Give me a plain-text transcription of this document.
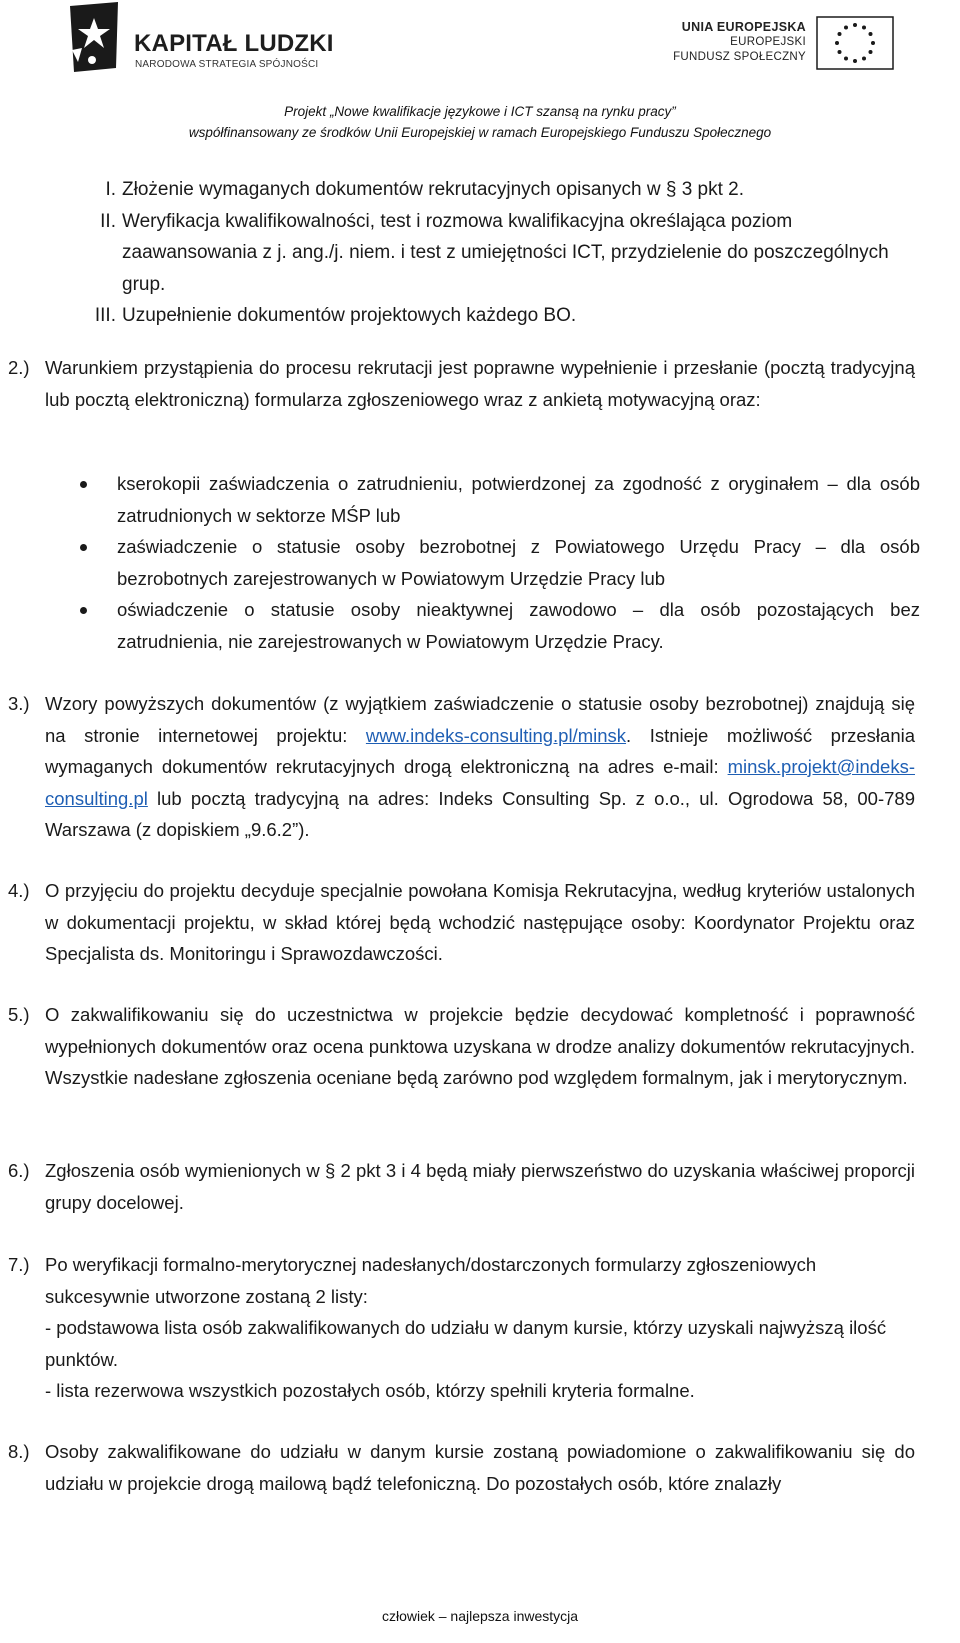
KAPITAŁ LUDZKI
NARODOWA STRATEGIA SPÓJNOŚCI
UNIA EUROPEJSKA
EUROPEJSKI
FUNDUSZ SPOŁECZNY
Projekt „Nowe kwalifikacje językowe i ICT szansą na rynku pracy”
współfinansowany ze środków Unii Europejskiej w ramach Europejskiego Funduszu Społecznego
I. Złożenie wymaganych dokumentów rekrutacyjnych opisanych w § 3 pkt 2.
II. Weryfikacja kwalifikowalności, test i rozmowa kwalifikacyjna określająca poziom zaawansowania z j. ang./j. niem. i test z umiejętności ICT, przydzielenie do poszczególnych grup.
III. Uzupełnienie dokumentów projektowych każdego BO.
2.) Warunkiem przystąpienia do procesu rekrutacji jest poprawne wypełnienie i przesłanie (pocztą tradycyjną lub pocztą elektroniczną) formularza zgłoszeniowego wraz z ankietą motywacyjną oraz:
kserokopii zaświadczenia o zatrudnieniu, potwierdzonej za zgodność z oryginałem – dla osób zatrudnionych w sektorze MŚP lub
zaświadczenie o statusie osoby bezrobotnej z Powiatowego Urzędu Pracy – dla osób bezrobotnych zarejestrowanych w Powiatowym Urzędzie Pracy lub
oświadczenie o statusie osoby nieaktywnej zawodowo – dla osób pozostających bez zatrudnienia, nie zarejestrowanych w Powiatowym Urzędzie Pracy.
3.) Wzory powyższych dokumentów (z wyjątkiem zaświadczenie o statusie osoby bezrobotnej) znajdują się na stronie internetowej projektu: www.indeks-consulting.pl/minsk. Istnieje możliwość przesłania wymaganych dokumentów rekrutacyjnych drogą elektroniczną na adres e-mail: minsk.projekt@indeks-consulting.pl lub pocztą tradycyjną na adres: Indeks Consulting Sp. z o.o., ul. Ogrodowa 58, 00-789 Warszawa (z dopiskiem „9.6.2”).
4.) O przyjęciu do projektu decyduje specjalnie powołana Komisja Rekrutacyjna, według kryteriów ustalonych w dokumentacji projektu, w skład której będą wchodzić następujące osoby: Koordynator Projektu oraz Specjalista ds. Monitoringu i Sprawozdawczości.
5.) O zakwalifikowaniu się do uczestnictwa w projekcie będzie decydować kompletność i poprawność wypełnionych dokumentów oraz ocena punktowa uzyskana w drodze analizy dokumentów rekrutacyjnych. Wszystkie nadesłane zgłoszenia oceniane będą zarówno pod względem formalnym, jak i merytorycznym.
6.) Zgłoszenia osób wymienionych w § 2 pkt 3 i 4 będą miały pierwszeństwo do uzyskania właściwej proporcji grupy docelowej.
7.) Po weryfikacji formalno-merytorycznej nadesłanych/dostarczonych formularzy zgłoszeniowych sukcesywnie utworzone zostaną 2 listy:

- podstawowa lista osób zakwalifikowanych do udziału w danym kursie, którzy uzyskali najwyższą ilość punktów.

- lista rezerwowa wszystkich pozostałych osób, którzy spełnili kryteria formalne.

8.) Osoby zakwalifikowane do udziału w danym kursie zostaną powiadomione o zakwalifikowaniu się do udziału w projekcie drogą mailową bądź telefoniczną. Do pozostałych osób, które znalazły
człowiek – najlepsza inwestycja
